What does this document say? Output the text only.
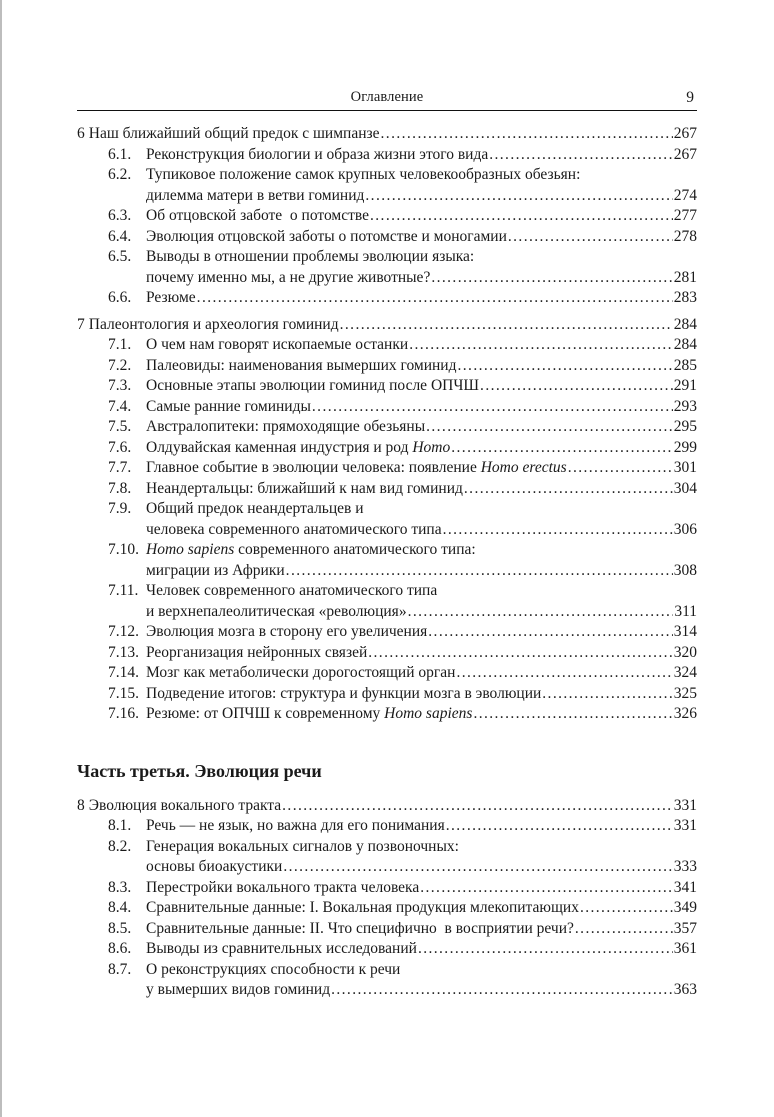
Оглавление	9
6 Наш ближайший общий предок с шимпанзе .....	267
6.1. Реконструкция биологии и образа жизни этого вида .....	267
6.2. Тупиковое положение самок крупных человекообразных обезьян:
дилемма матери в ветви гоминид .....	274
6.3. Об отцовской заботе  о потомстве .....	277
6.4. Эволюция отцовской заботы о потомстве и моногамии .....	278
6.5. Выводы в отношении проблемы эволюции языка:
почему именно мы, а не другие животные? .....	281
6.6. Резюме .....	283
7 Палеонтология и археология гоминид .....	284
7.1. О чем нам говорят ископаемые останки .....	284
7.2. Палеовиды: наименования вымерших гоминид .....	285
7.3. Основные этапы эволюции гоминид после ОПЧШ .....	291
7.4. Самые ранние гоминиды .....	293
7.5. Австралопитеки: прямоходящие обезьяны .....	295
7.6. Олдувайская каменная индустрия и род Homo .....	299
7.7. Главное событие в эволюции человека: появление Homo erectus .....	301
7.8. Неандертальцы: ближайший к нам вид гоминид .....	304
7.9. Общий предок неандертальцев и
человека современного анатомического типа .....	306
7.10. Homo sapiens современного анатомического типа:
миграции из Африки .....	308
7.11. Человек современного анатомического типа
и верхнепалеолитическая «революция» .....	311
7.12. Эволюция мозга в сторону его увеличения .....	314
7.13. Реорганизация нейронных связей .....	320
7.14. Мозг как метаболически дорогостоящий орган .....	324
7.15. Подведение итогов: структура и функции мозга в эволюции .....	325
7.16. Резюме: от ОПЧШ к современному Homo sapiens .....	326
Часть третья. Эволюция речи
8 Эволюция вокального тракта .....	331
8.1. Речь — не язык, но важна для его понимания .....	331
8.2. Генерация вокальных сигналов у позвоночных:
основы биоакустики .....	333
8.3. Перестройки вокального тракта человека .....	341
8.4. Сравнительные данные: I. Вокальная продукция млекопитающих .....	349
8.5. Сравнительные данные: II. Что специфично  в восприятии речи? .....	357
8.6. Выводы из сравнительных исследований .....	361
8.7. О реконструкциях способности к речи
у вымерших видов гоминид .....	363
